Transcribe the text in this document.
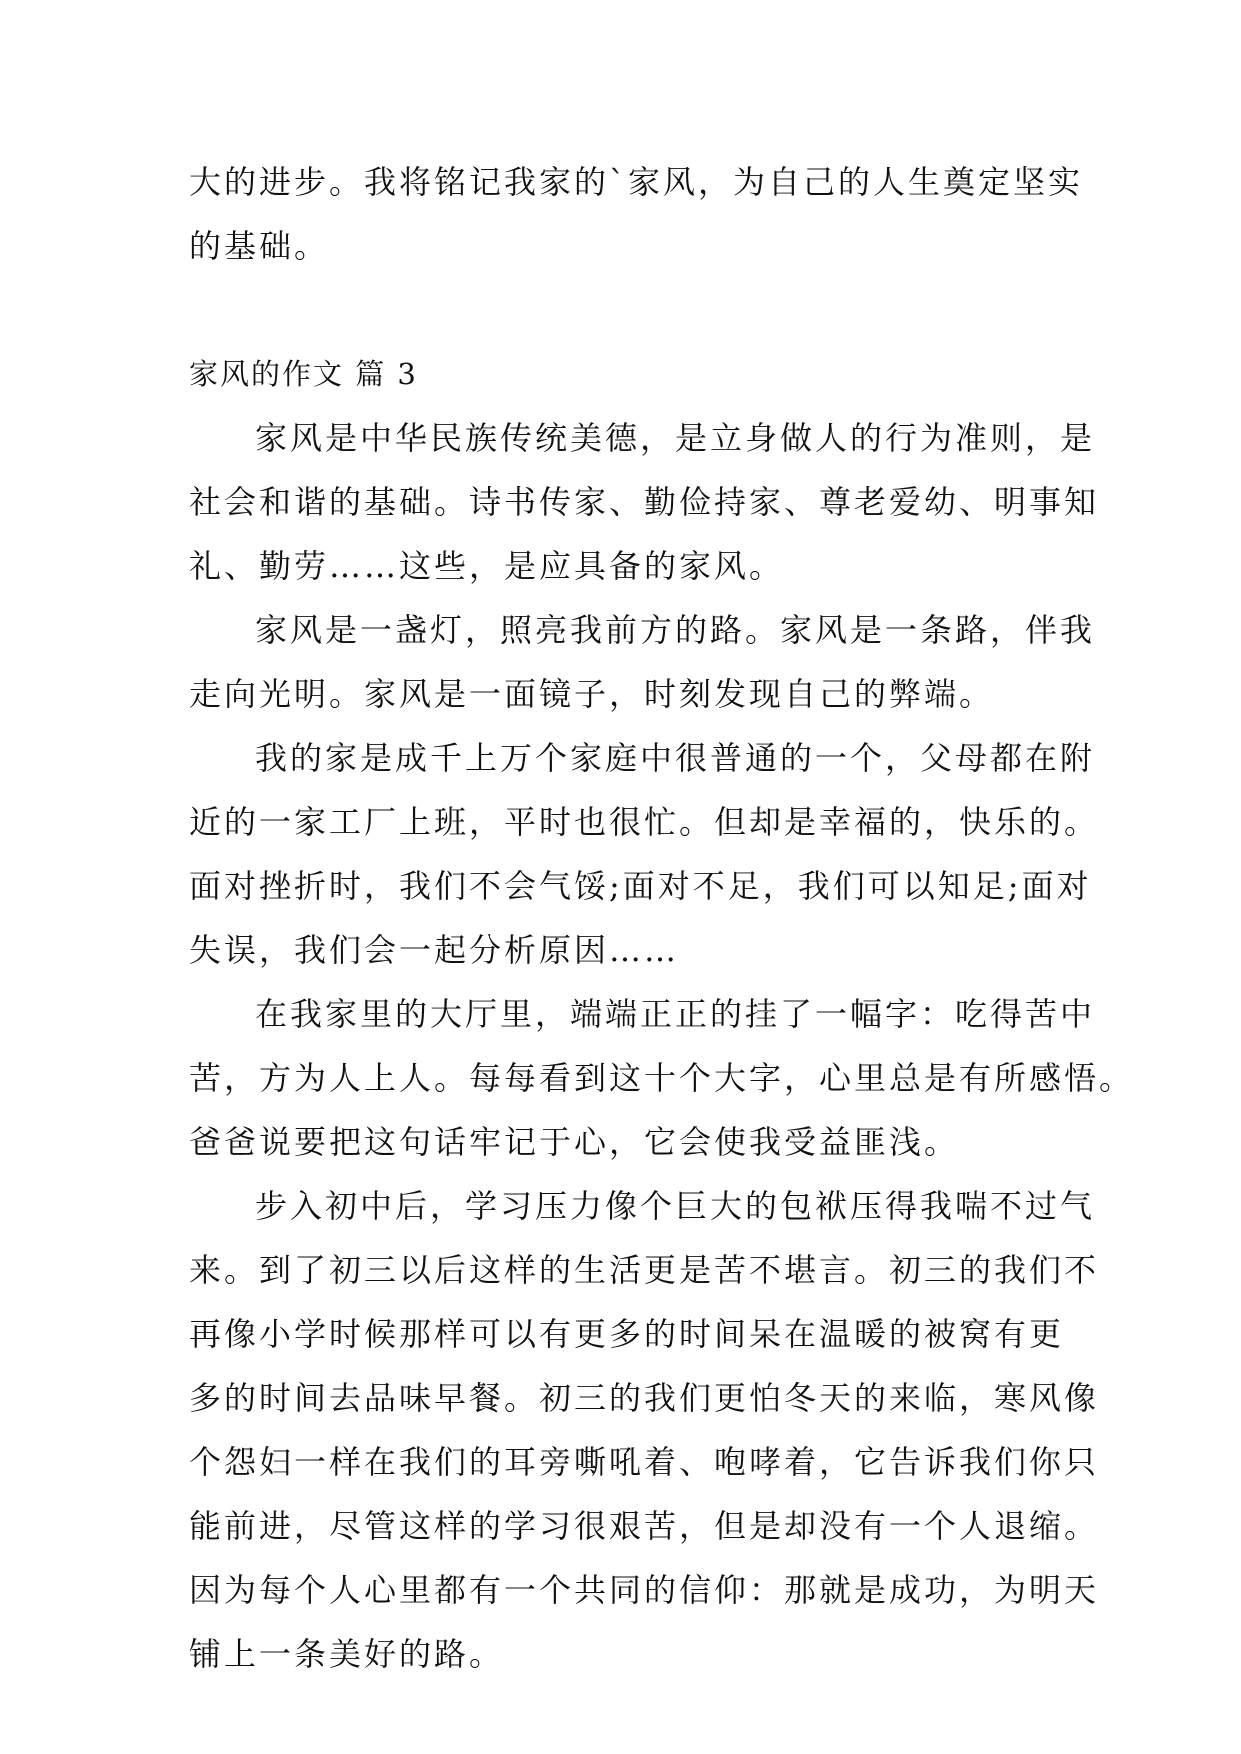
大的进步。我将铭记我家的`家风，为自己的人生奠定坚实
的基础。
家风的作文 篇 3
家风是中华民族传统美德，是立身做人的行为准则，是
社会和谐的基础。诗书传家、勤俭持家、尊老爱幼、明事知
礼、勤劳……这些，是应具备的家风。
家风是一盏灯，照亮我前方的路。家风是一条路，伴我
走向光明。家风是一面镜子，时刻发现自己的弊端。
我的家是成千上万个家庭中很普通的一个，父母都在附
近的一家工厂上班，平时也很忙。但却是幸福的，快乐的。
面对挫折时，我们不会气馁;面对不足，我们可以知足;面对
失误，我们会一起分析原因……
在我家里的大厅里，端端正正的挂了一幅字：吃得苦中
苦，方为人上人。每每看到这十个大字，心里总是有所感悟。
爸爸说要把这句话牢记于心，它会使我受益匪浅。
步入初中后，学习压力像个巨大的包袱压得我喘不过气
来。到了初三以后这样的生活更是苦不堪言。初三的我们不
再像小学时候那样可以有更多的时间呆在温暖的被窝有更
多的时间去品味早餐。初三的我们更怕冬天的来临，寒风像
个怨妇一样在我们的耳旁嘶吼着、咆哮着，它告诉我们你只
能前进，尽管这样的学习很艰苦，但是却没有一个人退缩。
因为每个人心里都有一个共同的信仰：那就是成功，为明天
铺上一条美好的路。
